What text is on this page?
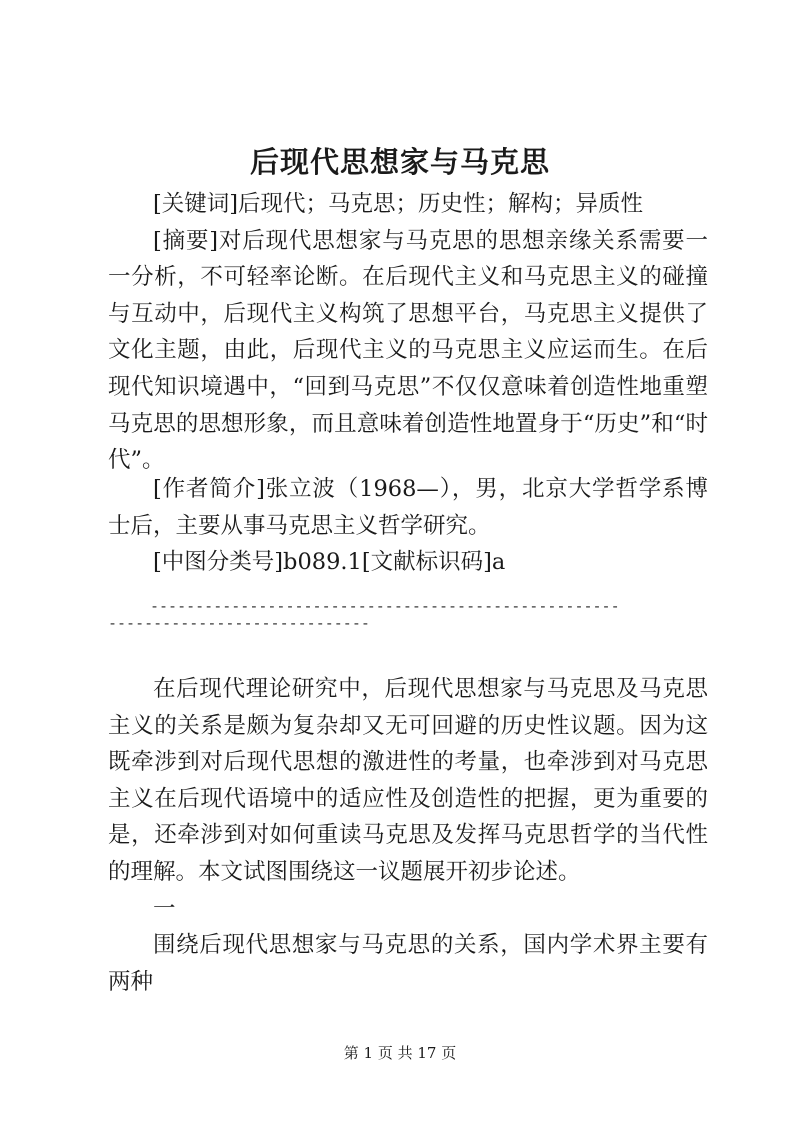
后现代思想家与马克思

[关键词]后现代；马克思；历史性；解构；异质性

[摘要]对后现代思想家与马克思的思想亲缘关系需要一一分析，不可轻率论断。在后现代主义和马克思主义的碰撞与互动中，后现代主义构筑了思想平台，马克思主义提供了文化主题，由此，后现代主义的马克思主义应运而生。在后现代知识境遇中，“回到马克思”不仅仅意味着创造性地重塑马克思的思想形象，而且意味着创造性地置身于“历史”和“时代”。

[作者简介]张立波（1968—），男，北京大学哲学系博士后，主要从事马克思主义哲学研究。

[中图分类号]b089.1[文献标识码]a

----------------------------------------------------
-----------------------------

在后现代理论研究中，后现代思想家与马克思及马克思主义的关系是颇为复杂却又无可回避的历史性议题。因为这既牵涉到对后现代思想的激进性的考量，也牵涉到对马克思主义在后现代语境中的适应性及创造性的把握，更为重要的是，还牵涉到对如何重读马克思及发挥马克思哲学的当代性的理解。本文试图围绕这一议题展开初步论述。

一

围绕后现代思想家与马克思的关系，国内学术界主要有两种

第 1 页 共 17 页
